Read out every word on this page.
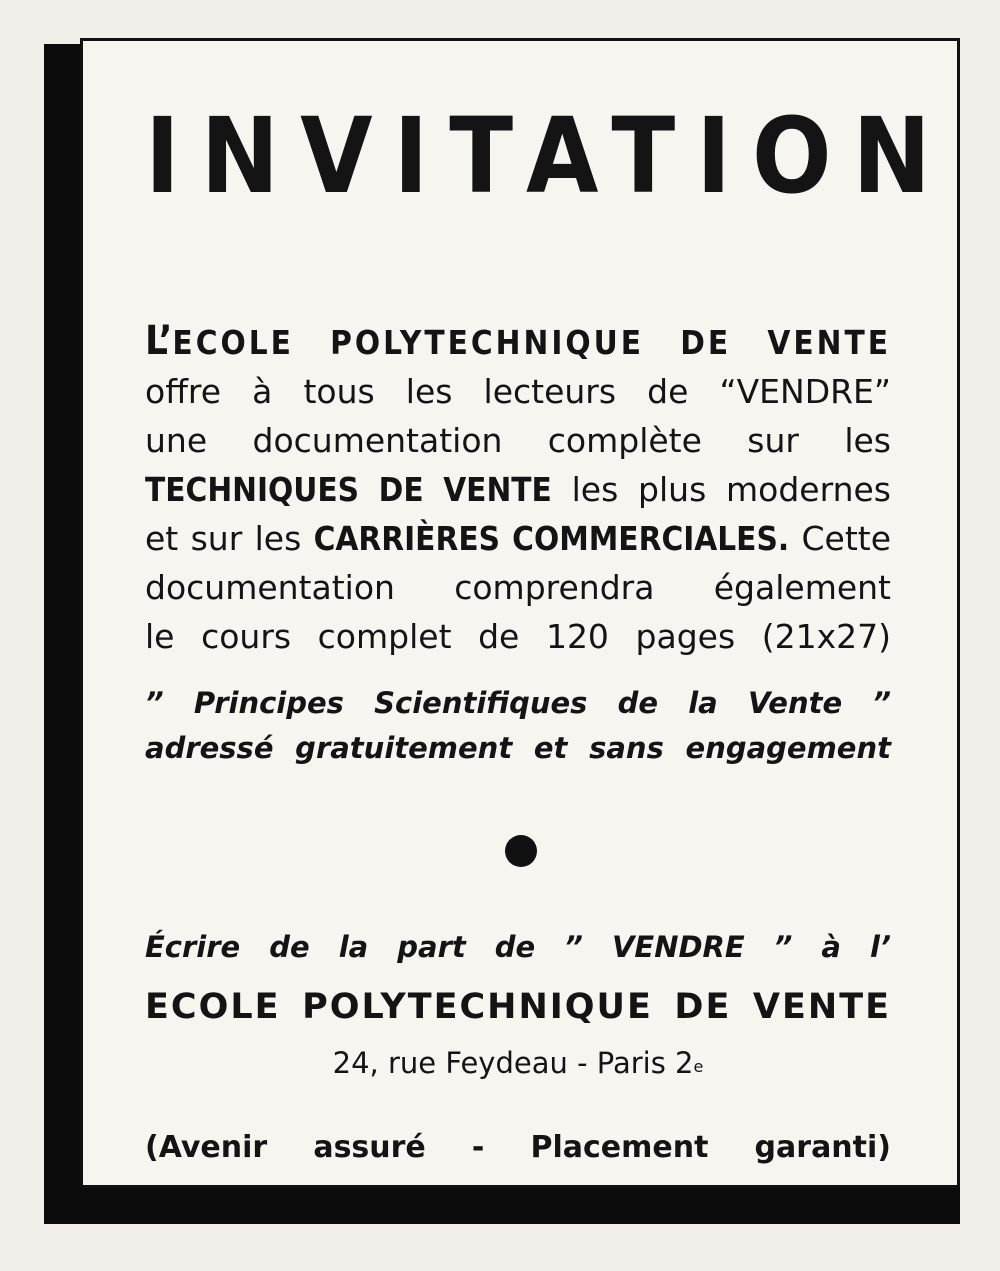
INVITATION
L’ECOLE POLYTECHNIQUE DE VENTE
offre à tous les lecteurs de “VENDRE”
une documentation complète sur les
TECHNIQUES DE VENTE les plus modernes
et sur les CARRIÈRES COMMERCIALES. Cette
documentation comprendra également
le cours complet de 120 pages (21x27)
” Principes Scientifiques de la Vente ”
adressé gratuitement et sans engagement
Écrire de la part de ” VENDRE ” à l’
ECOLE POLYTECHNIQUE DE VENTE
24, rue Feydeau - Paris 2e
(Avenir assuré - Placement garanti)
